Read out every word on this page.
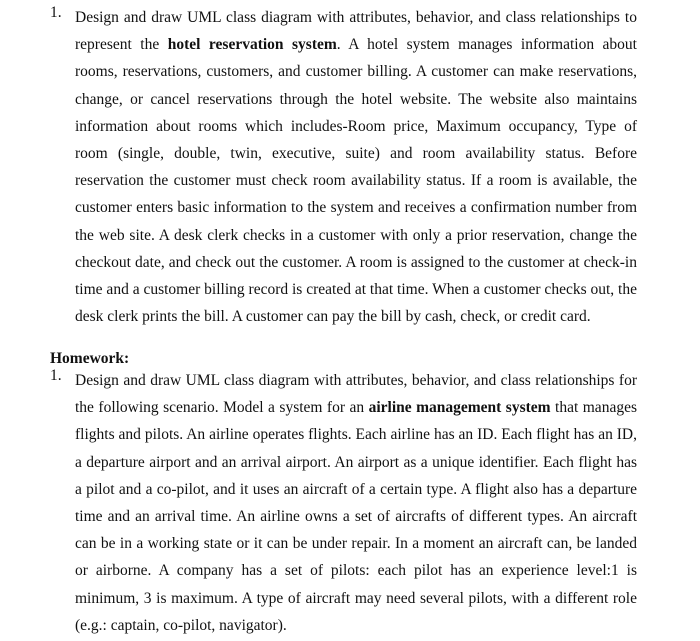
1. Design and draw UML class diagram with attributes, behavior, and class relationships to represent the hotel reservation system. A hotel system manages information about rooms, reservations, customers, and customer billing. A customer can make reservations, change, or cancel reservations through the hotel website. The website also maintains information about rooms which includes-Room price, Maximum occupancy, Type of room (single, double, twin, executive, suite) and room availability status. Before reservation the customer must check room availability status. If a room is available, the customer enters basic information to the system and receives a confirmation number from the web site. A desk clerk checks in a customer with only a prior reservation, change the checkout date, and check out the customer. A room is assigned to the customer at check-in time and a customer billing record is created at that time. When a customer checks out, the desk clerk prints the bill. A customer can pay the bill by cash, check, or credit card.
Homework:
1. Design and draw UML class diagram with attributes, behavior, and class relationships for the following scenario. Model a system for an airline management system that manages flights and pilots. An airline operates flights. Each airline has an ID. Each flight has an ID, a departure airport and an arrival airport. An airport as a unique identifier. Each flight has a pilot and a co-pilot, and it uses an aircraft of a certain type. A flight also has a departure time and an arrival time. An airline owns a set of aircrafts of different types. An aircraft can be in a working state or it can be under repair. In a moment an aircraft can, be landed or airborne. A company has a set of pilots: each pilot has an experience level:1 is minimum, 3 is maximum. A type of aircraft may need several pilots, with a different role (e.g.: captain, co-pilot, navigator).
